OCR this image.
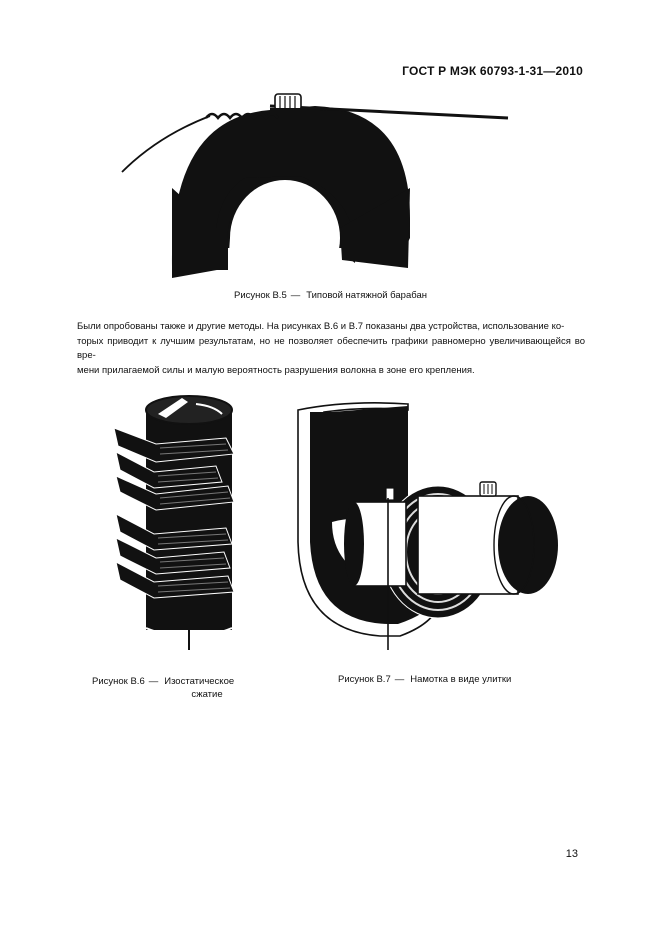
ГОСТ Р МЭК 60793-1-31—2010
Рисунок В.5 — Типовой натяжной барабан

Были опробованы также и другие методы. На рисунках В.6 и В.7 показаны два устройства, использование ко-

торых приводит к лучшим результатам, но не позволяет обеспечить графики равномерно увеличивающейся во вре-

мени прилагаемой силы и малую вероятность разрушения волокна в зоне его крепления.

Рисунок В.6 — Изостатическое
сжатие
Рисунок В.7 — Намотка в виде улитки
13
